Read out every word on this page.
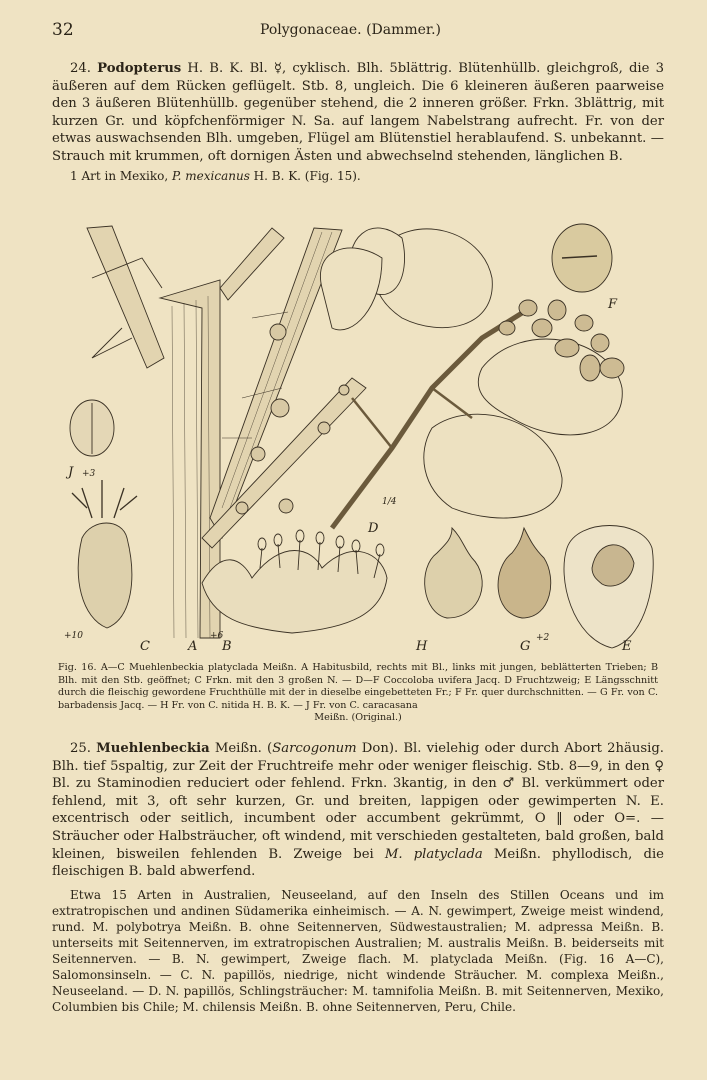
32	Polygonaceae. (Dammer.)

24. Podopterus H. B. K. Bl. ☿, cyklisch. Blh. 5blättrig. Blütenhüllb. gleichgroß, die 3 äußeren auf dem Rücken geflügelt. Stb. 8, ungleich. Die 6 kleineren äußeren paarweise den 3 äußeren Blütenhüllb. gegenüber stehend, die 2 inneren größer. Frkn. 3blättrig, mit kurzen Gr. und köpfchenförmiger N. Sa. auf langem Nabelstrang aufrecht. Fr. von der etwas auswachsenden Blh. umgeben, Flügel am Blütenstiel herablaufend. S. unbekannt. — Strauch mit krummen, oft dornigen Ästen und abwechselnd stehenden, länglichen B.

1 Art in Mexiko, P. mexicanus H. B. K. (Fig. 15).

J +3
F
D
1/4
+10
C	A
+6
B	H	G
+2
E
Fig. 16. A—C Muehlenbeckia platyclada Meißn. A Habitusbild, rechts mit Bl., links mit jungen, beblätterten Trieben; B Blh. mit den Stb. geöffnet; C Frkn. mit den 3 großen N. — D—F Coccoloba uvifera Jacq. D Fruchtzweig; E Längsschnitt durch die fleischig gewordene Fruchthülle mit der in dieselbe eingebetteten Fr.; F Fr. quer durchschnitten. — G Fr. von C. barbadensis Jacq. — H Fr. von C. nitida H. B. K. — J Fr. von C. caracasana
Meißn. (Original.)

25. Muehlenbeckia Meißn. (Sarcogonum Don). Bl. vielehig oder durch Abort 2häusig. Blh. tief 5spaltig, zur Zeit der Fruchtreife mehr oder weniger fleischig. Stb. 8—9, in den ♀ Bl. zu Staminodien reduciert oder fehlend. Frkn. 3kantig, in den ♂ Bl. verkümmert oder fehlend, mit 3, oft sehr kurzen, Gr. und breiten, lappigen oder gewimperten N. E. excentrisch oder seitlich, incumbent oder accumbent gekrümmt, O ‖ oder O=. — Sträucher oder Halbsträucher, oft windend, mit verschieden gestalteten, bald großen, bald kleinen, bisweilen fehlenden B. Zweige bei M. platyclada Meißn. phyllodisch, die fleischigen B. bald abwerfend.

Etwa 15 Arten in Australien, Neuseeland, auf den Inseln des Stillen Oceans und im extratropischen und andinen Südamerika einheimisch. — A. N. gewimpert, Zweige meist windend, rund. M. polybotrya Meißn. B. ohne Seitennerven, Südwestaustralien; M. adpressa Meißn. B. unterseits mit Seitennerven, im extratropischen Australien; M. australis Meißn. B. beiderseits mit Seitennerven. — B. N. gewimpert, Zweige flach. M. platyclada Meißn. (Fig. 16 A—C), Salomonsinseln. — C. N. papillös, niedrige, nicht windende Sträucher. M. complexa Meißn., Neuseeland. — D. N. papillös, Schlingsträucher: M. tamnifolia Meißn. B. mit Seitennerven, Mexiko, Columbien bis Chile; M. chilensis Meißn. B. ohne Seitennerven, Peru, Chile.
